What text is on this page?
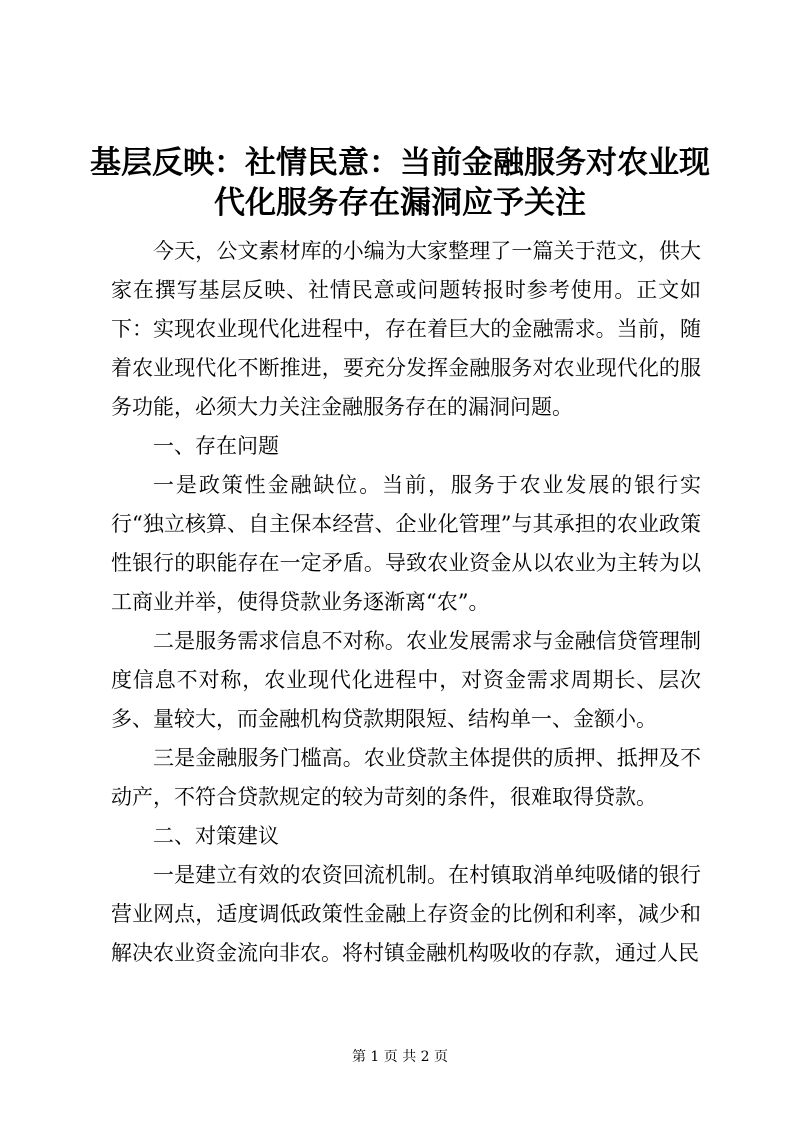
基层反映：社情民意：当前金融服务对农业现
代化服务存在漏洞应予关注

今天，公文素材库的小编为大家整理了一篇关于范文，供大家在撰写基层反映、社情民意或问题转报时参考使用。正文如下： 实现农业现代化进程中，存在着巨大的金融需求。当前，随着农业现代化不断推进，要充分发挥金融服务对农业现代化的服务功能，必须大力关注金融服务存在的漏洞问题。

一、存在问题

一是政策性金融缺位。当前，服务于农业发展的银行实行“独立核算、自主保本经营、企业化管理”与其承担的农业政策性银行的职能存在一定矛盾。导致农业资金从以农业为主转为以工商业并举，使得贷款业务逐渐离“农”。

二是服务需求信息不对称。农业发展需求与金融信贷管理制度信息不对称，农业现代化进程中，对资金需求周期长、层次多、量较大，而金融机构贷款期限短、结构单一、金额小。

三是金融服务门槛高。农业贷款主体提供的质押、抵押及不动产，不符合贷款规定的较为苛刻的条件，很难取得贷款。

二、对策建议

一是建立有效的农资回流机制。在村镇取消单纯吸储的银行营业网点，适度调低政策性金融上存资金的比例和利率，减少和解决农业资金流向非农。将村镇金融机构吸收的存款，通过人民

第 1 页 共 2 页
